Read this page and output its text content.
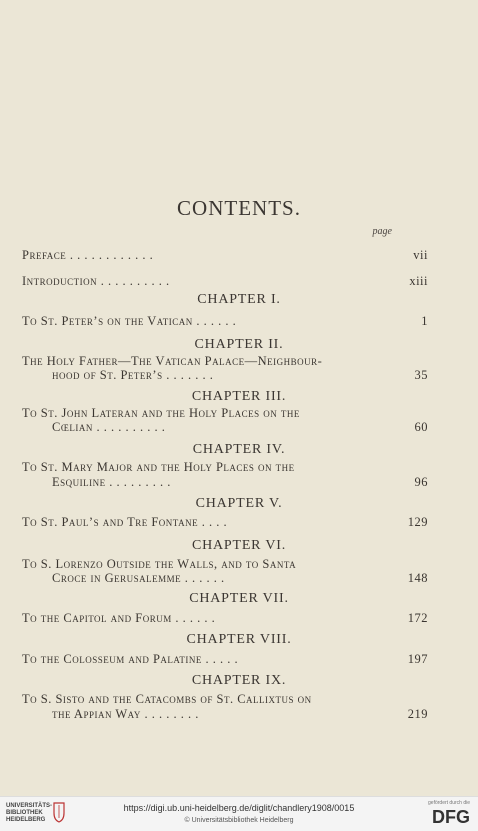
CONTENTS.
page
Preface . . . . . . . . . . . .	vii
Introduction . . . . . . . . . .	xiii
CHAPTER I.
To St. Peter’s on the Vatican . . . . . .	1
CHAPTER II.
The Holy Father—The Vatican Palace—Neighbour-
hood of St. Peter’s . . . . . . .	35
CHAPTER III.
To St. John Lateran and the Holy Places on the
Cœlian . . . . . . . . . .	60
CHAPTER IV.
To St. Mary Major and the Holy Places on the
Esquiline . . . . . . . . .	96
CHAPTER V.
To St. Paul’s and Tre Fontane . . . .	129
CHAPTER VI.
To S. Lorenzo Outside the Walls, and to Santa
Croce in Gerusalemme . . . . . .	148
CHAPTER VII.
To the Capitol and Forum . . . . . .	172
CHAPTER VIII.
To the Colosseum and Palatine . . . . .	197
CHAPTER IX.
To S. Sisto and the Catacombs of St. Callixtus on
the Appian Way . . . . . . . .	219
UNIVERSITÄTS-
BIBLIOTHEK
HEIDELBERG
https://digi.ub.uni-heidelberg.de/diglit/chandlery1908/0015
© Universitätsbibliothek Heidelberg
gefördert durch die
DFG
